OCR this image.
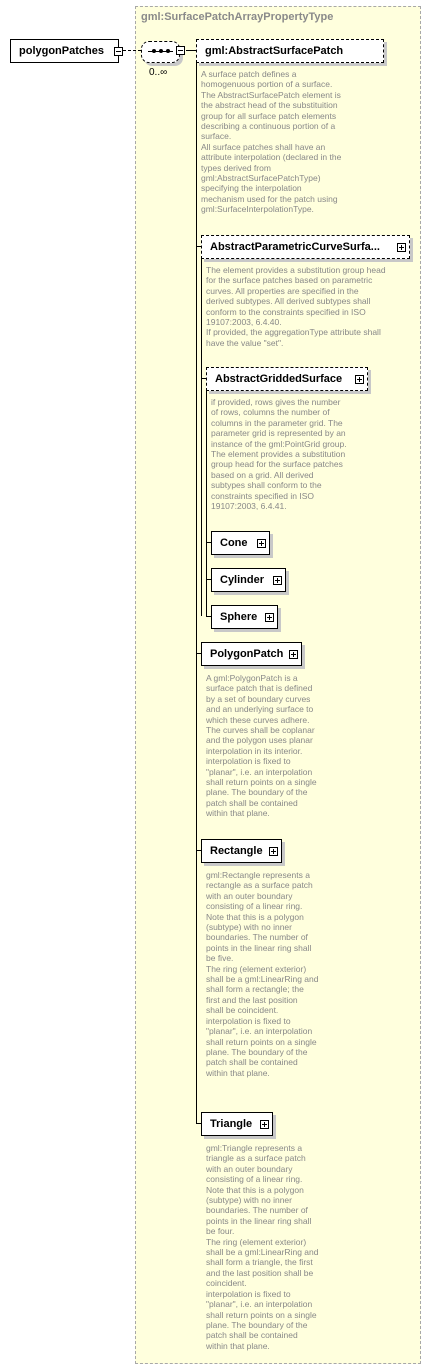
gml:SurfacePatchArrayPropertyType
polygonPatches
0..∞
gml:AbstractSurfacePatch
A surface patch defines a
homogenuous portion of a surface.
The AbstractSurfacePatch element is
the abstract head of the substituition
group for all surface patch elements
describing a continuous portion of a
surface.
All surface patches shall have an
attribute interpolation (declared in the
types derived from
gml:AbstractSurfacePatchType)
specifying the interpolation
mechanism used for the patch using
gml:SurfaceInterpolationType.
AbstractParametricCurveSurfa...
The element provides a substitution group head
for the surface patches based on parametric
curves. All properties are specified in the
derived subtypes. All derived subtypes shall
conform to the constraints specified in ISO
19107:2003, 6.4.40.
If provided, the aggregationType attribute shall
have the value "set".
AbstractGriddedSurface
if provided, rows gives the number
of rows, columns the number of
columns in the parameter grid. The
parameter grid is represented by an
instance of the gml:PointGrid group.
The element provides a substitution
group head for the surface patches
based on a grid. All derived
subtypes shall conform to the
constraints specified in ISO
19107:2003, 6.4.41.
Cone
Cylinder
Sphere
PolygonPatch
A gml:PolygonPatch is a
surface patch that is defined
by a set of boundary curves
and an underlying surface to
which these curves adhere.
The curves shall be coplanar
and the polygon uses planar
interpolation in its interior.
interpolation is fixed to
"planar", i.e. an interpolation
shall return points on a single
plane. The boundary of the
patch shall be contained
within that plane.
Rectangle
gml:Rectangle represents a
rectangle as a surface patch
with an outer boundary
consisting of a linear ring.
Note that this is a polygon
(subtype) with no inner
boundaries. The number of
points in the linear ring shall
be five.
The ring (element exterior)
shall be a gml:LinearRing and
shall form a rectangle; the
first and the last position
shall be coincident.
interpolation is fixed to
"planar", i.e. an interpolation
shall return points on a single
plane. The boundary of the
patch shall be contained
within that plane.
Triangle
gml:Triangle represents a
triangle as a surface patch
with an outer boundary
consisting of a linear ring.
Note that this is a polygon
(subtype) with no inner
boundaries. The number of
points in the linear ring shall
be four.
The ring (element exterior)
shall be a gml:LinearRing and
shall form a triangle, the first
and the last position shall be
coincident.
interpolation is fixed to
"planar", i.e. an interpolation
shall return points on a single
plane. The boundary of the
patch shall be contained
within that plane.
